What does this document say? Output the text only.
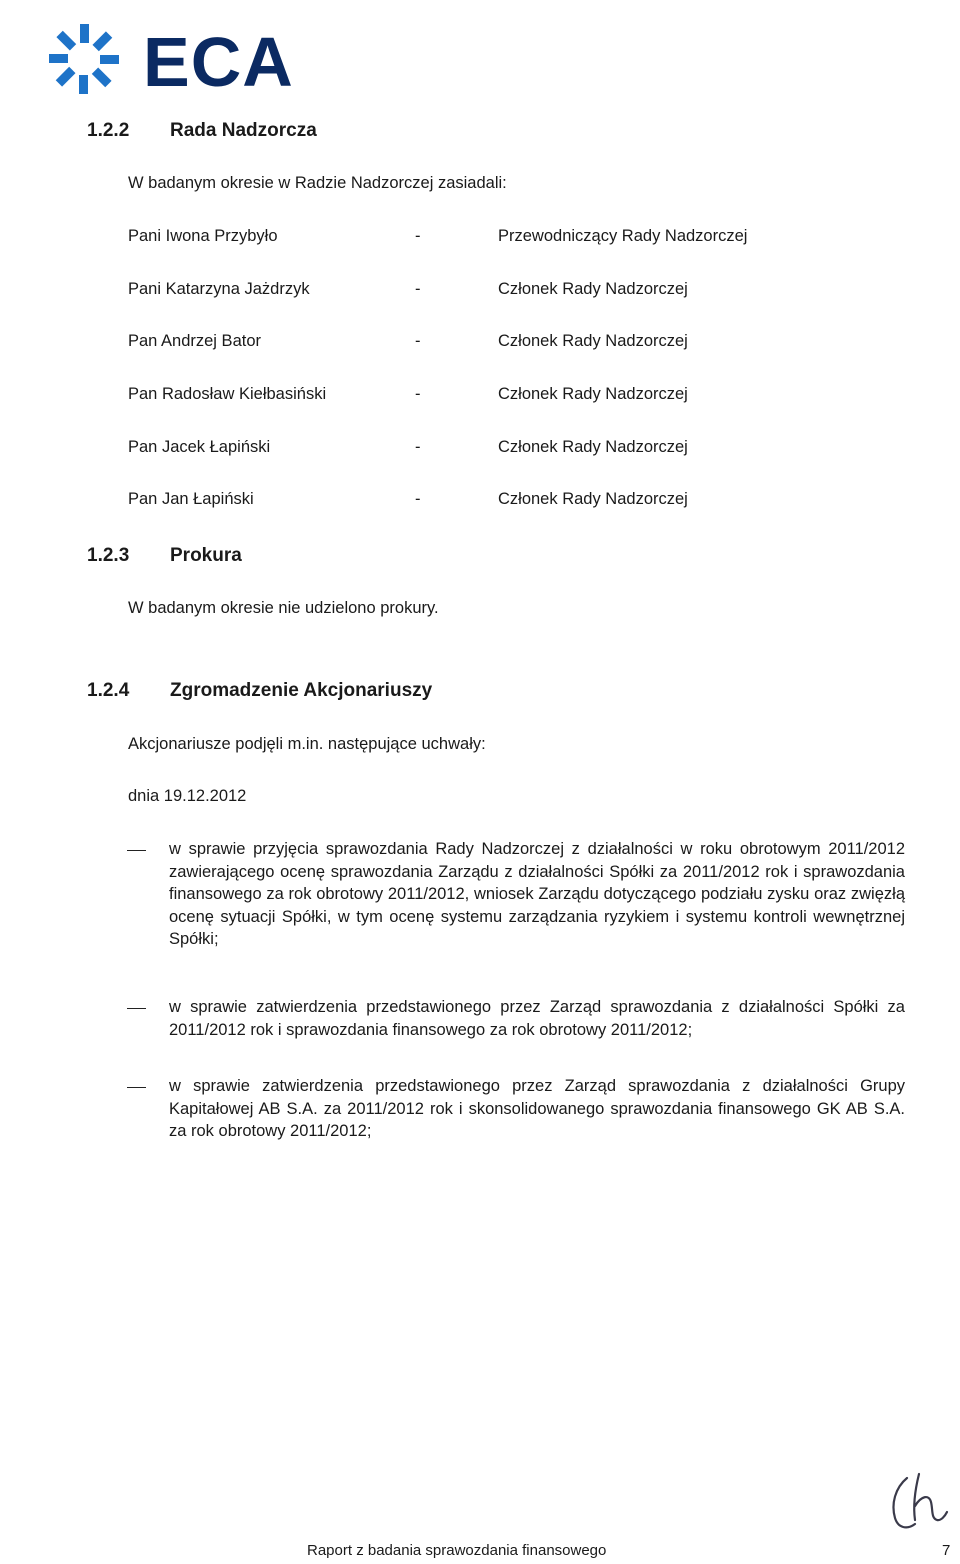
ECA
1.2.2 Rada Nadzorcza
W badanym okresie w Radzie Nadzorczej zasiadali:
Pani Iwona Przybyło	-	Przewodniczący Rady Nadzorczej
Pani Katarzyna Jażdrzyk	-	Członek Rady Nadzorczej
Pan Andrzej Bator	-	Członek Rady Nadzorczej
Pan Radosław Kiełbasiński	-	Członek Rady Nadzorczej
Pan Jacek Łapiński	-	Członek Rady Nadzorczej
Pan Jan Łapiński	-	Członek Rady Nadzorczej
1.2.3 Prokura
W badanym okresie nie udzielono prokury.
1.2.4 Zgromadzenie Akcjonariuszy
Akcjonariusze podjęli m.in. następujące uchwały:
dnia 19.12.2012
w sprawie przyjęcia sprawozdania Rady Nadzorczej z działalności w roku obrotowym 2011/2012 zawierającego ocenę sprawozdania Zarządu z działalności Spółki za 2011/2012 rok i sprawozdania finansowego za rok obrotowy 2011/2012, wniosek Zarządu dotyczącego podziału zysku oraz zwięzłą ocenę sytuacji Spółki, w tym ocenę systemu zarządzania ryzykiem i systemu kontroli wewnętrznej Spółki;
w sprawie zatwierdzenia przedstawionego przez Zarząd sprawozdania z działalności Spółki za 2011/2012 rok i sprawozdania finansowego za rok obrotowy 2011/2012;
w sprawie zatwierdzenia przedstawionego przez Zarząd sprawozdania z działalności Grupy Kapitałowej AB S.A. za 2011/2012 rok i skonsolidowanego sprawozdania finansowego GK AB S.A. za rok obrotowy 2011/2012;
Raport z badania sprawozdania finansowego	7
